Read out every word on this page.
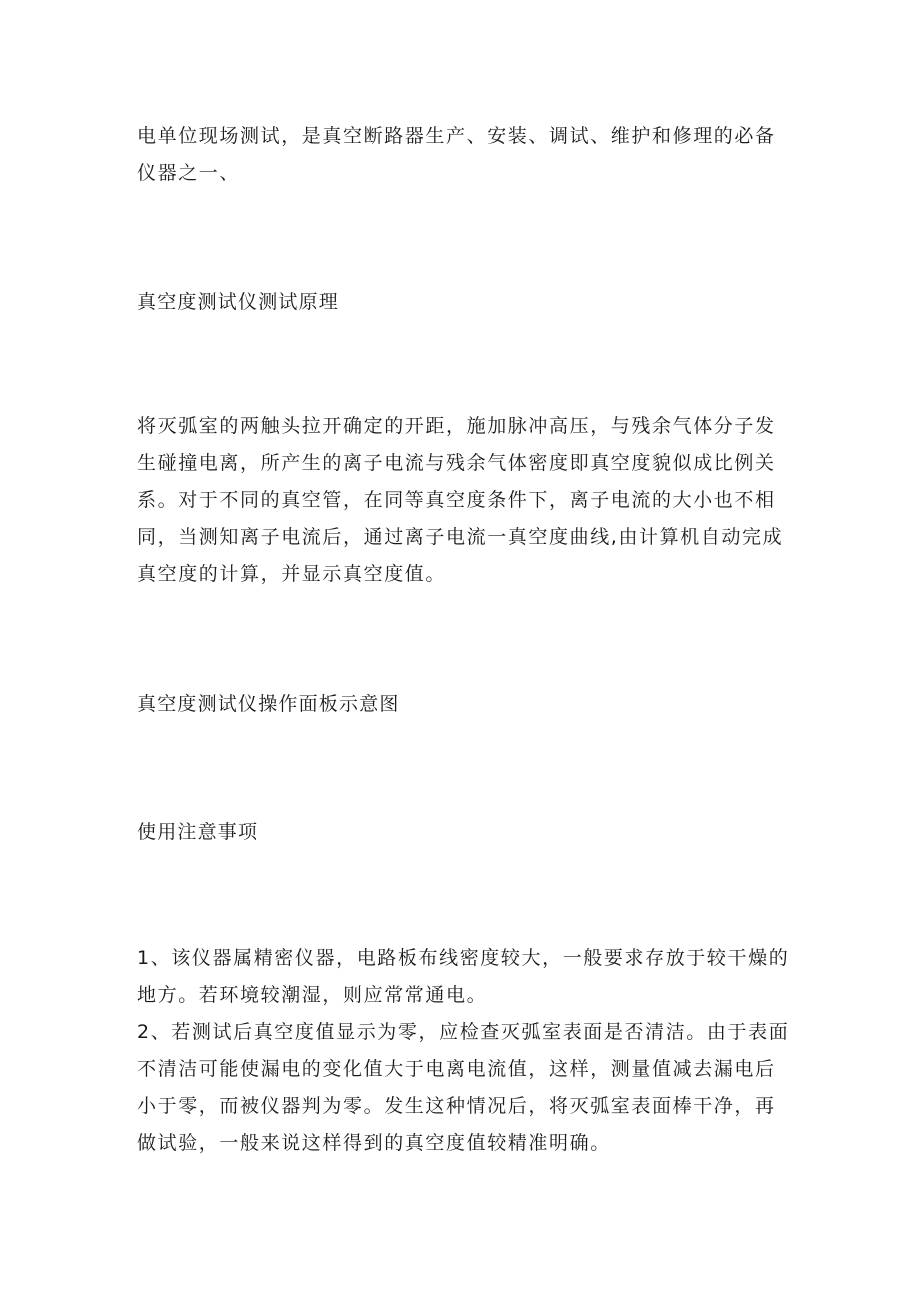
电单位现场测试，是真空断路器生产、安装、调试、维护和修理的必备仪器之一、

真空度测试仪测试原理

将灭弧室的两触头拉开确定的开距，施加脉冲高压，与残余气体分子发生碰撞电离，所产生的离子电流与残余气体密度即真空度貌似成比例关系。对于不同的真空管，在同等真空度条件下，离子电流的大小也不相同，当测知离子电流后，通过离子电流一真空度曲线,由计算机自动完成真空度的计算，并显示真空度值。

真空度测试仪操作面板示意图
使用注意事项

1、该仪器属精密仪器，电路板布线密度较大，一般要求存放于较干燥的地方。若环境较潮湿，则应常常通电。

2、若测试后真空度值显示为零，应检查灭弧室表面是否清洁。由于表面不清洁可能使漏电的变化值大于电离电流值，这样，测量值减去漏电后小于零，而被仪器判为零。发生这种情况后，将灭弧室表面棒干净，再做试验，一般来说这样得到的真空度值较精准明确。
